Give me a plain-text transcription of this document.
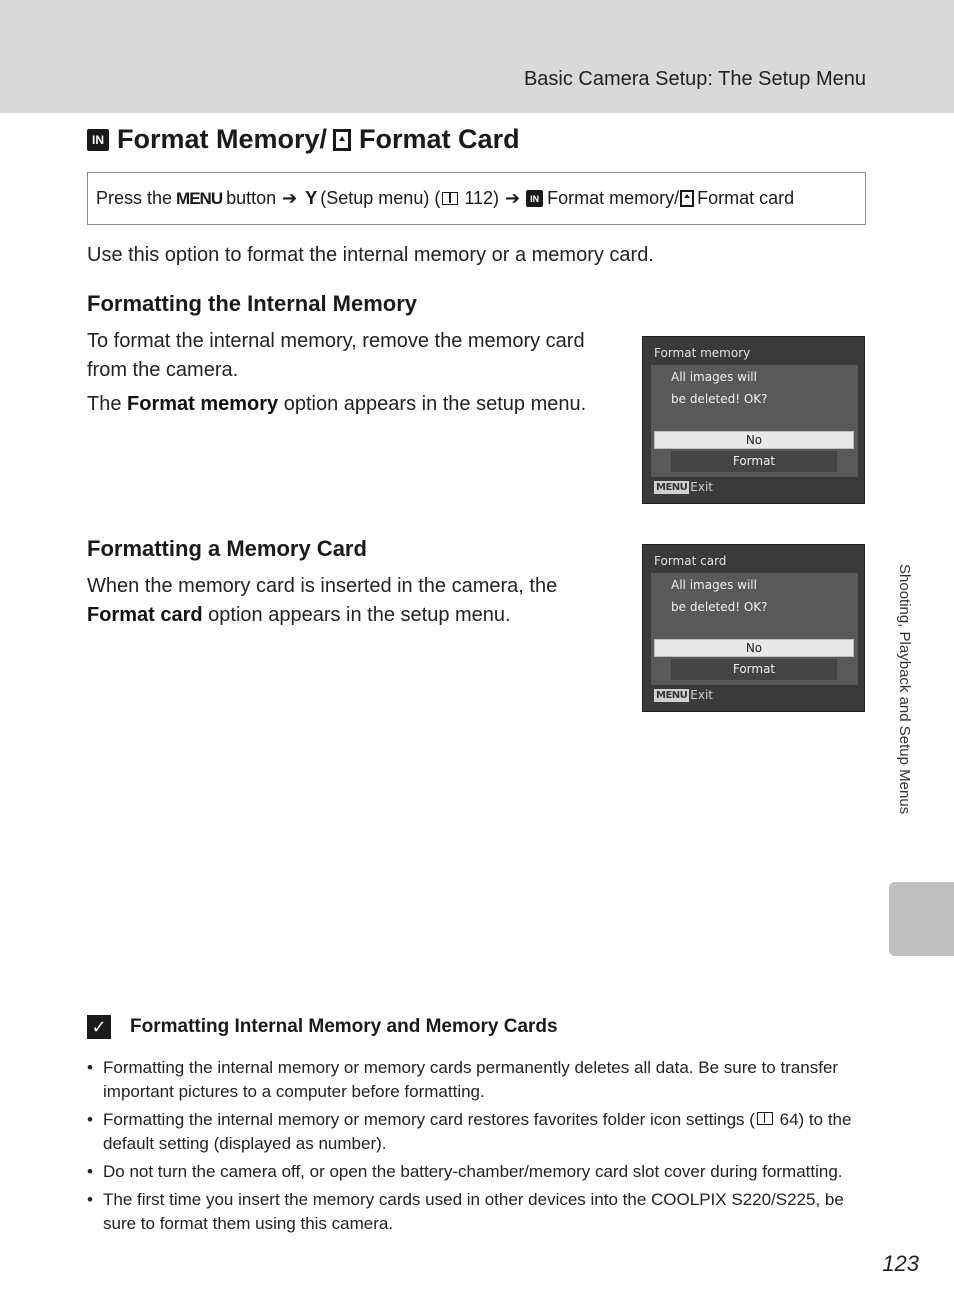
Basic Camera Setup: The Setup Menu
IN Format Memory/ Format Card
Press the MENU button ➔ Y (Setup menu) ( 112) ➔	IN Format memory/ Format card
Use this option to format the internal memory or a memory card.
Formatting the Internal Memory
To format the internal memory, remove the memory card from the camera.
The Format memory option appears in the setup menu.
Format memory
All images will
be deleted! OK?
No
Format
MENU Exit
Formatting a Memory Card
When the memory card is inserted in the camera, the Format card option appears in the setup menu.
Format card
All images will
be deleted! OK?
No
Format
MENU Exit	Shooting, Playback and Setup Menus
✓ Formatting Internal Memory and Memory Cards
• Formatting the internal memory or memory cards permanently deletes all data. Be sure to transfer important pictures to a computer before formatting.
• Formatting the internal memory or memory card restores favorites folder icon settings ( 64) to the default setting (displayed as number).
• Do not turn the camera off, or open the battery-chamber/memory card slot cover during formatting.
• The first time you insert the memory cards used in other devices into the COOLPIX S220/S225, be sure to format them using this camera.
123
